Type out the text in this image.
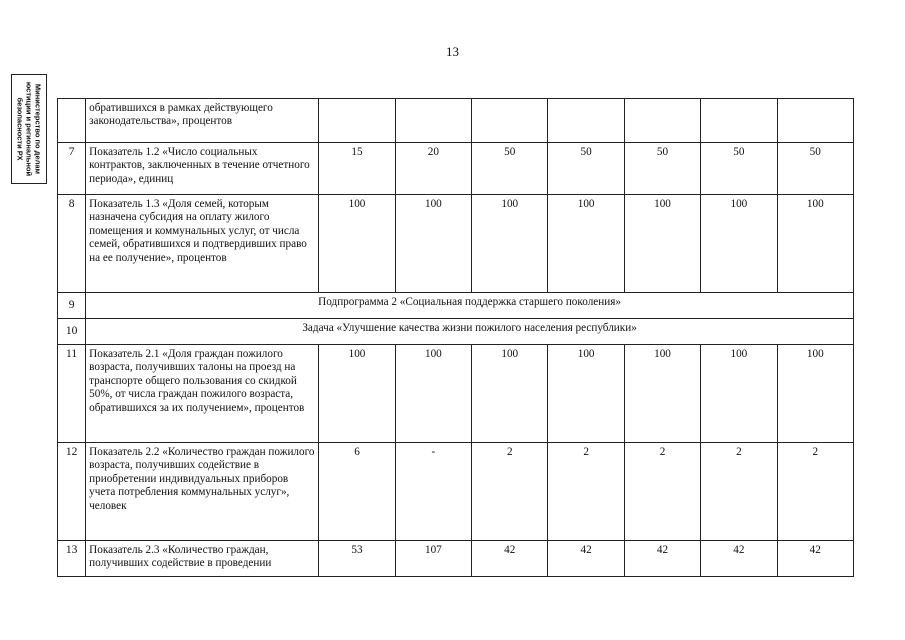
13
Министерство по делам
юстиции и региональной
безопасности РХ
		обратившихся в рамках действующего законодательства», процентов							
7	Показатель 1.2 «Число социальных контрактов, заключенных в течение отчетного периода», единиц	15	20	50	50	50	50	50
8	Показатель 1.3 «Доля семей, которым назначена субсидия на оплату жилого помещения и коммунальных услуг, от числа семей, обратившихся и подтвердивших право на ее получение», процентов	100	100	100	100	100	100	100
9	Подпрограмма 2 «Социальная поддержка старшего поколения»							
10	Задача «Улучшение качества жизни пожилого населения республики»							
11	Показатель 2.1 «Доля граждан пожилого возраста, получивших талоны на проезд на транспорте общего пользования со скидкой 50%, от числа граждан пожилого возраста, обратившихся за их получением», процентов	100	100	100	100	100	100	100
12	Показатель 2.2 «Количество граждан пожилого возраста, получивших содействие в приобретении индивидуальных приборов учета потребления коммунальных услуг», человек	6	-	2	2	2	2	2
13	Показатель 2.3 «Количество граждан, получивших содействие в проведении	53	107	42	42	42	42	42
